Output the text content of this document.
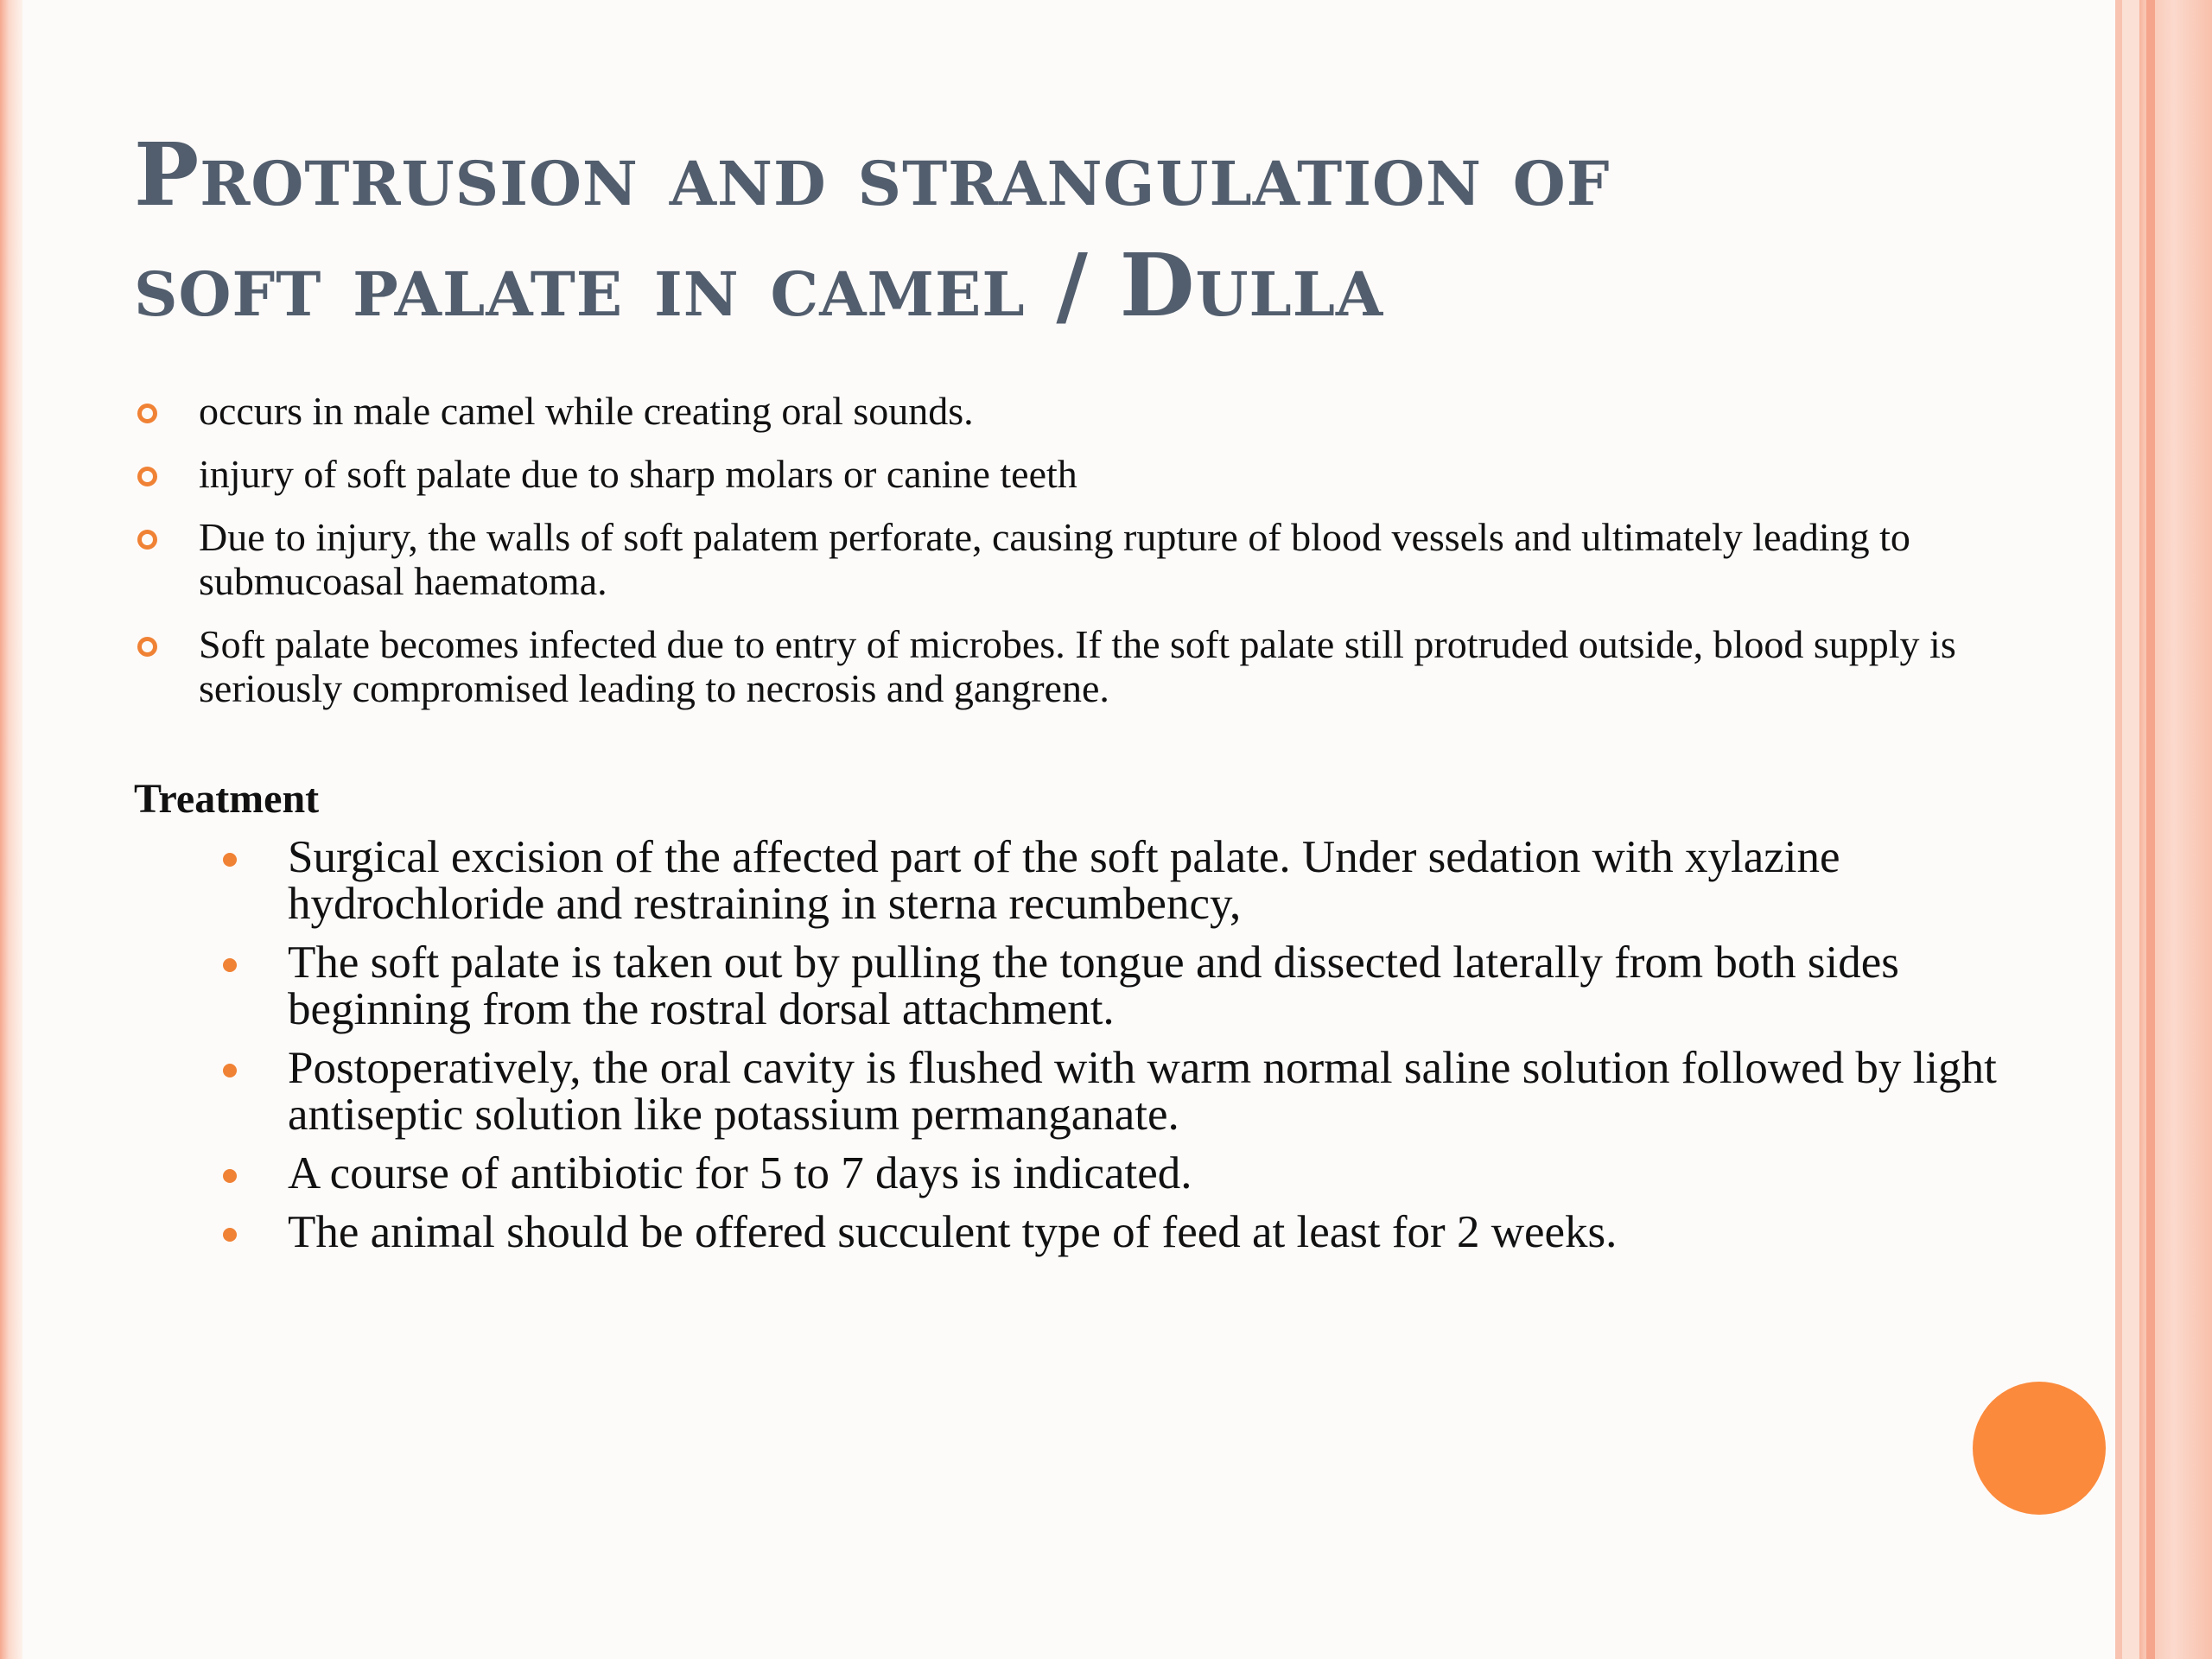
Protrusion and strangulation of
soft palate in camel / Dulla
occurs in male camel while creating oral sounds.
injury of soft palate due to sharp molars or canine teeth
Due to injury, the walls of soft palatem perforate, causing rupture of blood vessels and ultimately leading to submucoasal haematoma.
Soft palate becomes infected due to entry of microbes. If the soft palate still protruded outside, blood supply is seriously compromised leading to necrosis and gangrene.
Treatment
Surgical excision of the affected part of the soft palate. Under sedation with xylazine hydrochloride and restraining in sterna recumbency,
The soft palate is taken out by pulling the tongue and dissected laterally from both sides beginning from the rostral dorsal attachment.
Postoperatively, the oral cavity is flushed with warm normal saline solution followed by light antiseptic solution like potassium permanganate.
A course of antibiotic for 5 to 7 days is indicated.
The animal should be offered succulent type of feed at least for 2 weeks.
